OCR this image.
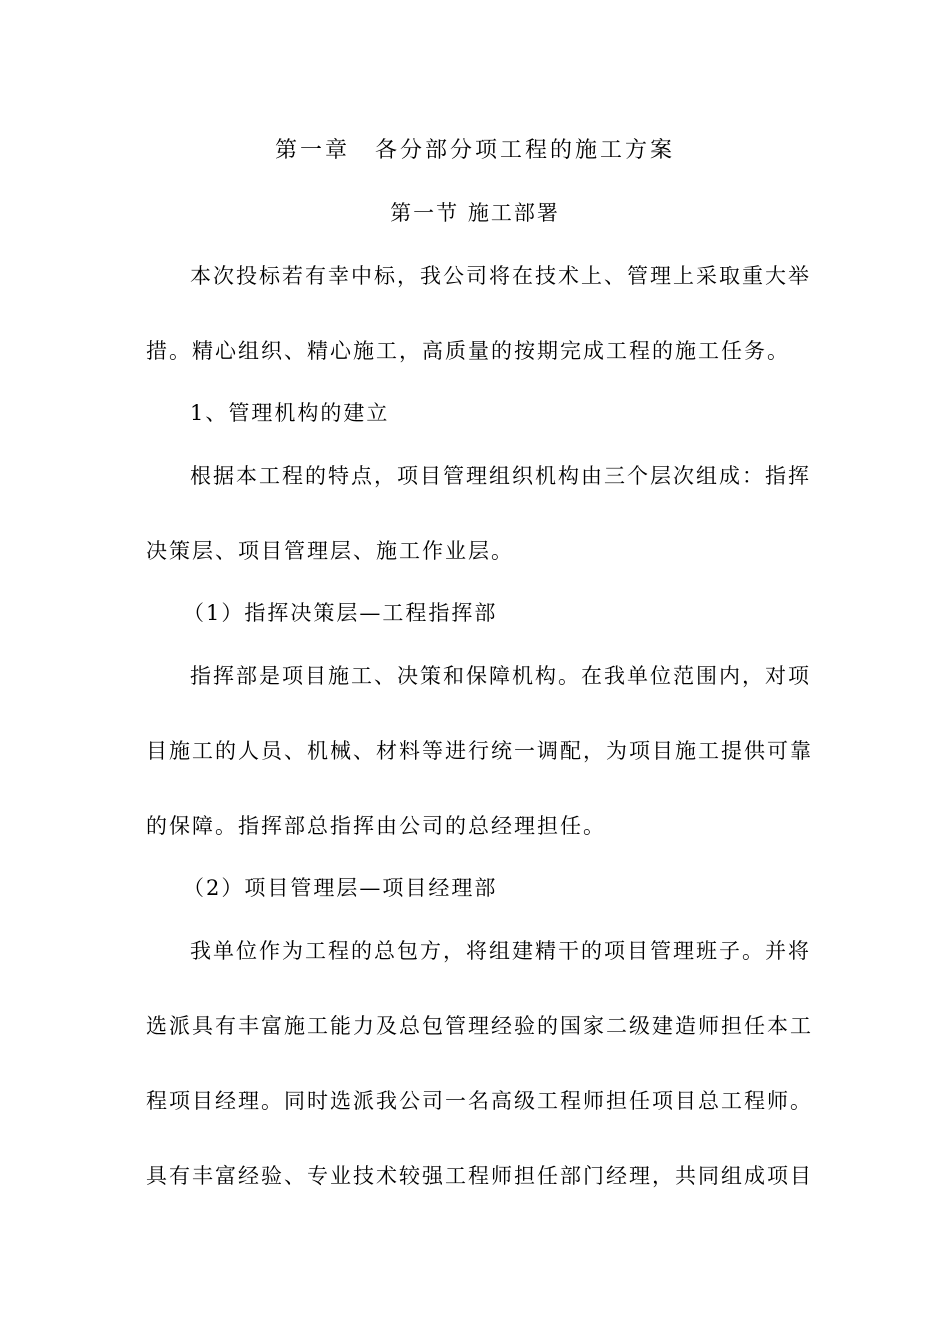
第一章　各分部分项工程的施工方案
第一节 施工部署
本次投标若有幸中标，我公司将在技术上、管理上采取重大举
措。精心组织、精心施工，高质量的按期完成工程的施工任务。
1、管理机构的建立
根据本工程的特点，项目管理组织机构由三个层次组成：指挥
决策层、项目管理层、施工作业层。
（1）指挥决策层—工程指挥部
指挥部是项目施工、决策和保障机构。在我单位范围内，对项
目施工的人员、机械、材料等进行统一调配，为项目施工提供可靠
的保障。指挥部总指挥由公司的总经理担任。
（2）项目管理层—项目经理部
我单位作为工程的总包方，将组建精干的项目管理班子。并将
选派具有丰富施工能力及总包管理经验的国家二级建造师担任本工
程项目经理。同时选派我公司一名高级工程师担任项目总工程师。
具有丰富经验、专业技术较强工程师担任部门经理，共同组成项目
